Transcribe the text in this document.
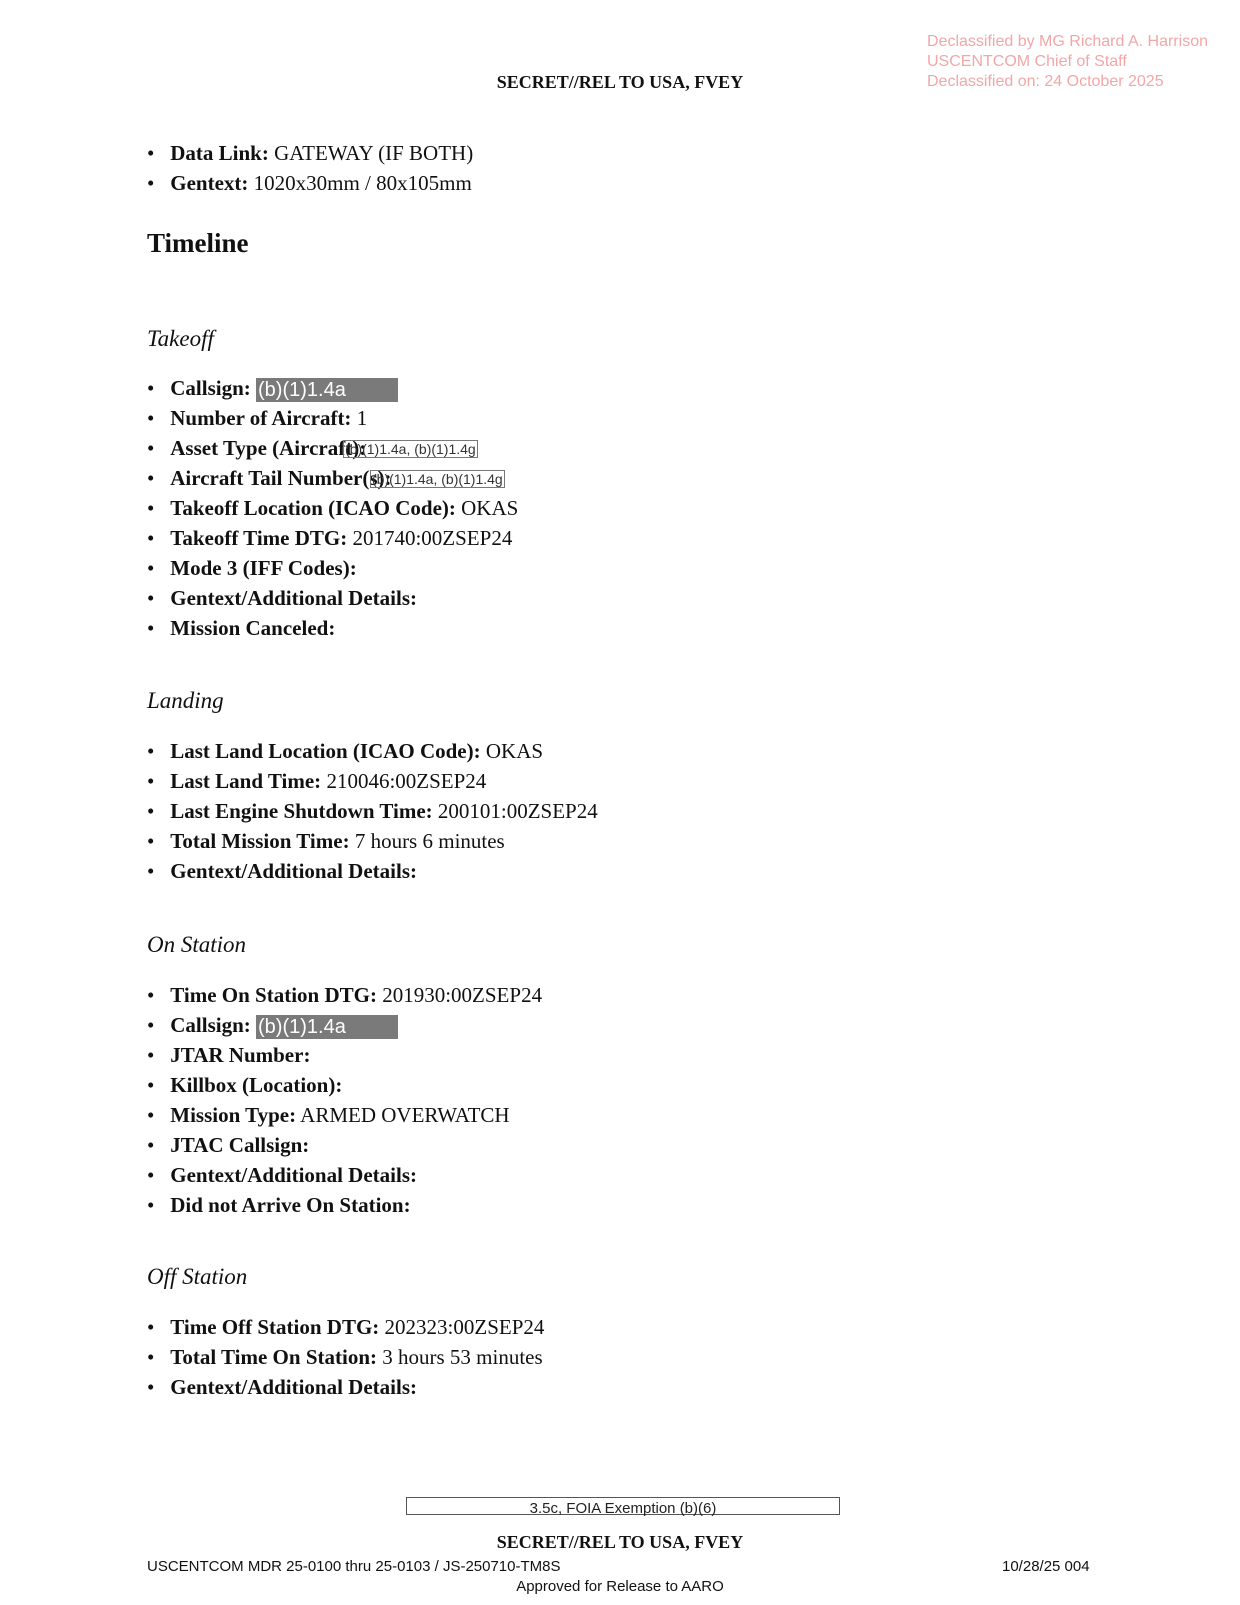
Declassified by MG Richard A. Harrison
USCENTCOM Chief of Staff
Declassified on: 24 October 2025
SECRET//REL TO USA, FVEY
• Data Link: GATEWAY (IF BOTH)
• Gentext: 1020x30mm / 80x105mm
Timeline
Takeoff
• Callsign: (b)(1)1.4a
• Number of Aircraft: 1
• Asset Type (Aircraft):
• Aircraft Tail Number(s):
• Takeoff Location (ICAO Code): OKAS
• Takeoff Time DTG: 201740:00ZSEP24
• Mode 3 (IFF Codes):
• Gentext/Additional Details:
• Mission Canceled:
(b)(1)1.4a, (b)(1)1.4g
(b)(1)1.4a, (b)(1)1.4g
Landing
• Last Land Location (ICAO Code): OKAS
• Last Land Time: 210046:00ZSEP24
• Last Engine Shutdown Time: 200101:00ZSEP24
• Total Mission Time: 7 hours 6 minutes
• Gentext/Additional Details:
On Station
• Time On Station DTG: 201930:00ZSEP24
• Callsign: (b)(1)1.4a
• JTAR Number:
• Killbox (Location):
• Mission Type: ARMED OVERWATCH
• JTAC Callsign:
• Gentext/Additional Details:
• Did not Arrive On Station:
Off Station
• Time Off Station DTG: 202323:00ZSEP24
• Total Time On Station: 3 hours 53 minutes
• Gentext/Additional Details:
3.5c, FOIA Exemption (b)(6)
SECRET//REL TO USA, FVEY
USCENTCOM MDR 25-0100 thru 25-0103 / JS-250710-TM8S	10/28/25 004
Approved for Release to AARO
